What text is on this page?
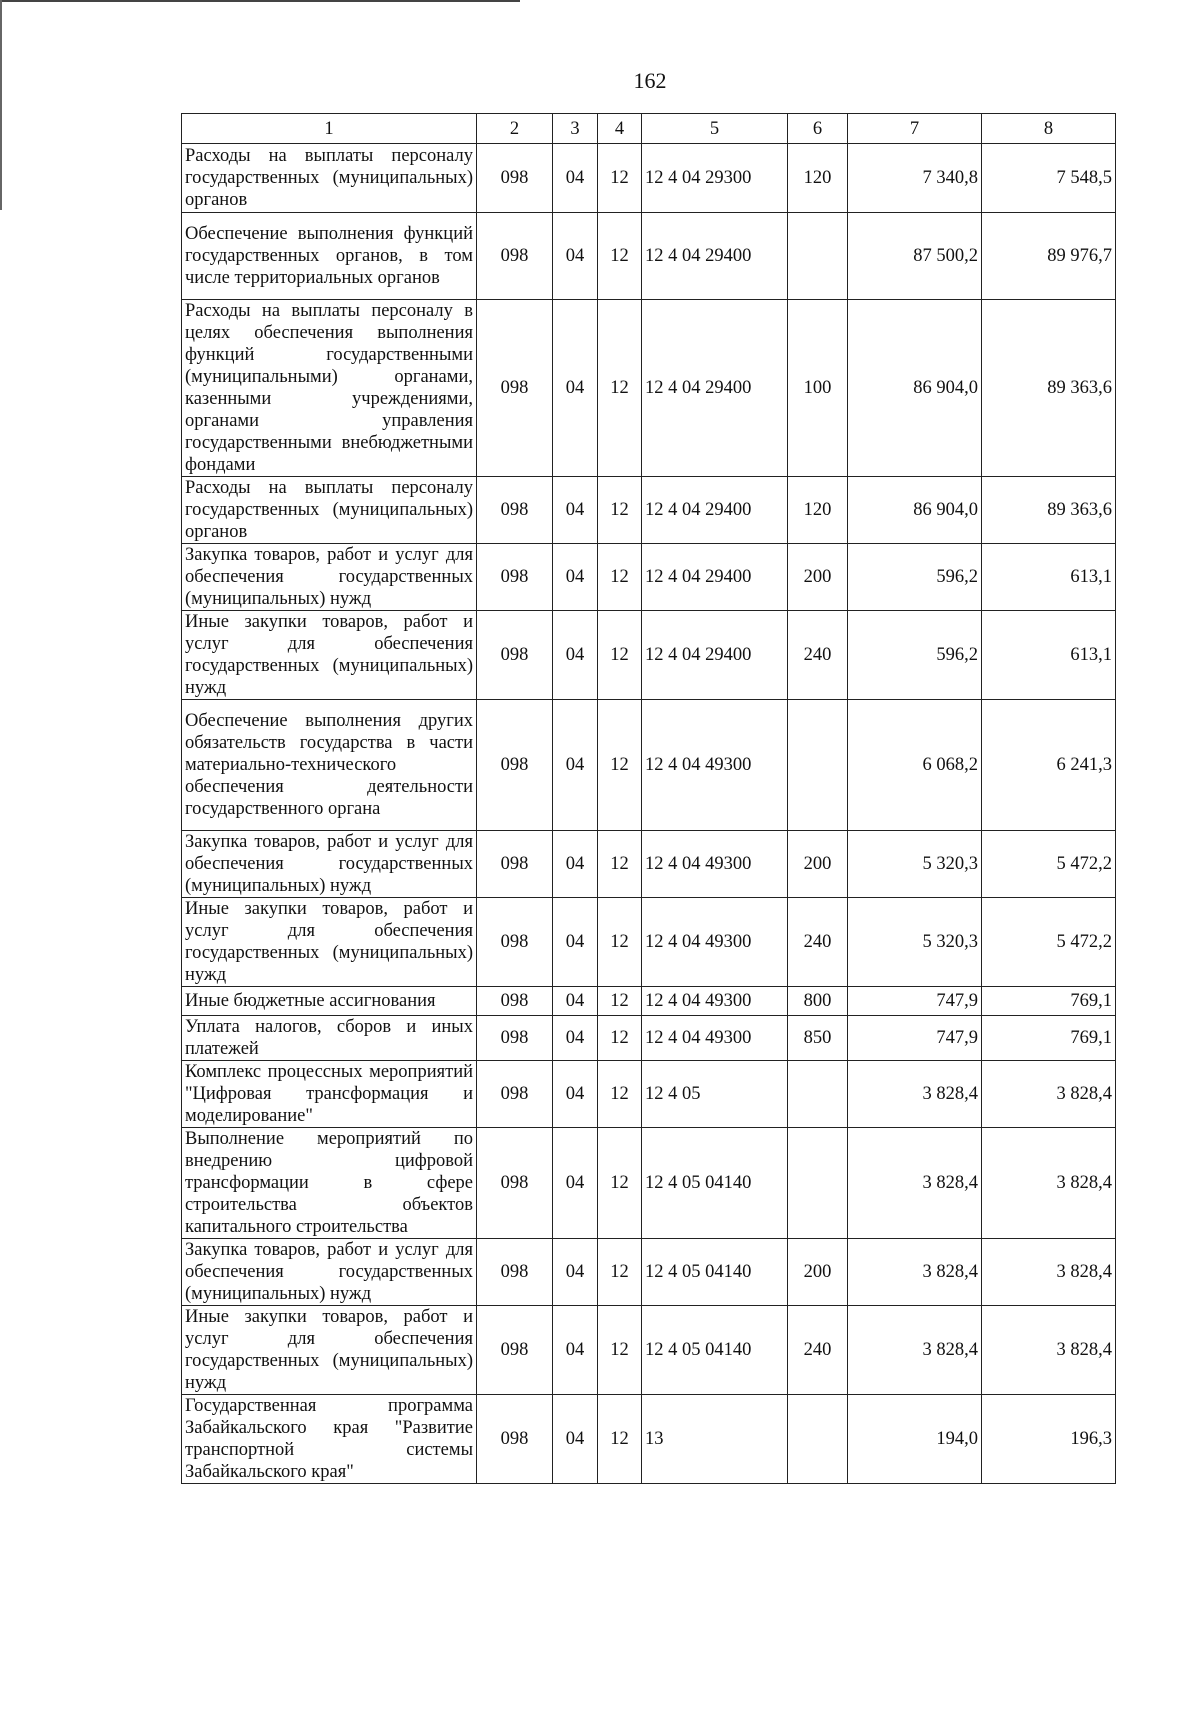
162
1	2	3	4	5	6	7	8
Расходы на выплаты персоналу государственных (муниципальных) органов	098	04	12	12 4 04 29300	120	7 340,8	7 548,5
Обеспечение выполнения функций государственных органов, в том числе территориальных органов	098	04	12	12 4 04 29400		87 500,2	89 976,7
Расходы на выплаты персоналу в целях обеспечения выполнения функций государственными (муниципальными) органами, казенными учреждениями, органами управления государственными внебюджетными фондами	098	04	12	12 4 04 29400	100	86 904,0	89 363,6
Расходы на выплаты персоналу государственных (муниципальных) органов	098	04	12	12 4 04 29400	120	86 904,0	89 363,6
Закупка товаров, работ и услуг для обеспечения государственных (муниципальных) нужд	098	04	12	12 4 04 29400	200	596,2	613,1
Иные закупки товаров, работ и услуг для обеспечения государственных (муниципальных) нужд	098	04	12	12 4 04 29400	240	596,2	613,1
Обеспечение выполнения других обязательств государства в части материально-технического обеспечения деятельности государственного органа	098	04	12	12 4 04 49300		6 068,2	6 241,3
Закупка товаров, работ и услуг для обеспечения государственных (муниципальных) нужд	098	04	12	12 4 04 49300	200	5 320,3	5 472,2
Иные закупки товаров, работ и услуг для обеспечения государственных (муниципальных) нужд	098	04	12	12 4 04 49300	240	5 320,3	5 472,2
Иные бюджетные ассигнования	098	04	12	12 4 04 49300	800	747,9	769,1
Уплата налогов, сборов и иных платежей	098	04	12	12 4 04 49300	850	747,9	769,1
Комплекс процессных мероприятий "Цифровая трансформация и моделирование"	098	04	12	12 4 05		3 828,4	3 828,4
Выполнение мероприятий по внедрению цифровой трансформации в сфере строительства объектов капитального строительства	098	04	12	12 4 05 04140		3 828,4	3 828,4
Закупка товаров, работ и услуг для обеспечения государственных (муниципальных) нужд	098	04	12	12 4 05 04140	200	3 828,4	3 828,4
Иные закупки товаров, работ и услуг для обеспечения государственных (муниципальных) нужд	098	04	12	12 4 05 04140	240	3 828,4	3 828,4
Государственная программа Забайкальского края "Развитие транспортной системы Забайкальского края"	098	04	12	13		194,0	196,3
